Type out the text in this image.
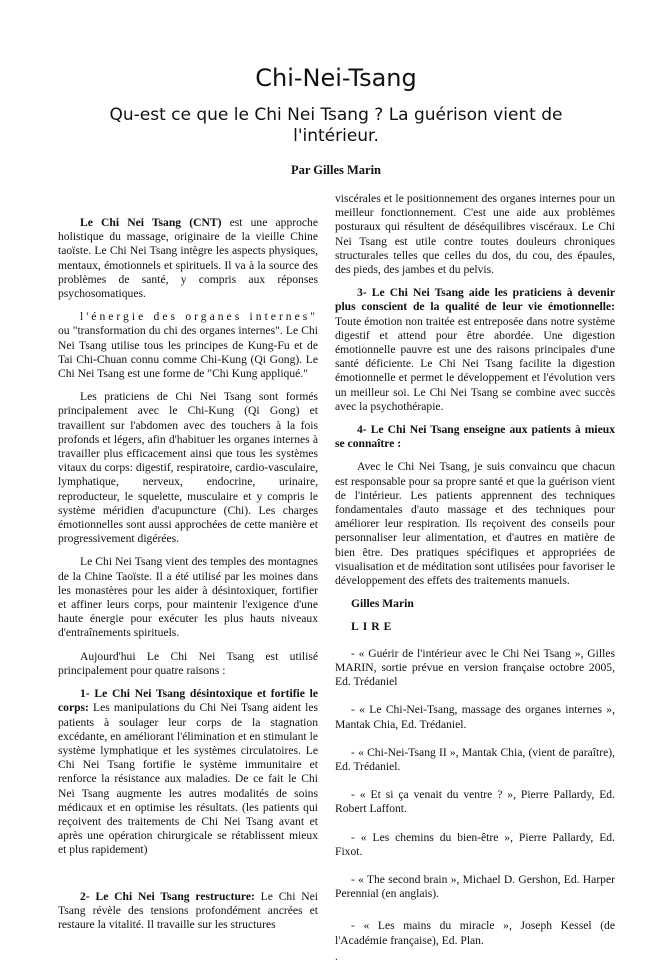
Chi-Nei-Tsang
Qu-est ce que le Chi Nei Tsang ? La guérison vient de l'intérieur.
Par Gilles Marin

Le Chi Nei Tsang (CNT) est une approche holistique du massage, originaire de la vieille Chine taoïste. Le Chi Nei Tsang intègre les aspects physiques, mentaux, émotionnels et spirituels. Il va à la source des problèmes de santé, y compris aux réponses psychosomatiques.

l'énergie des organes internes" ou "transformation du chi des organes internes". Le Chi Nei Tsang utilise tous les principes de Kung-Fu et de Tai Chi-Chuan connu comme Chi-Kung (Qi Gong). Le Chi Nei Tsang est une forme de "Chi Kung appliqué."

Les praticiens de Chi Nei Tsang sont formés principalement avec le Chi-Kung (Qi Gong) et travaillent sur l'abdomen avec des touchers à la fois profonds et légers, afin d'habituer les organes internes à travailler plus efficacement ainsi que tous les systèmes vitaux du corps: digestif, respiratoire, cardio-vasculaire, lymphatique, nerveux, endocrine, urinaire, reproducteur, le squelette, musculaire et y compris le système méridien d'acupuncture (Chi). Les charges émotionnelles sont aussi approchées de cette manière et progressivement digérées.

Le Chi Nei Tsang vient des temples des montagnes de la Chine Taoïste. Il a été utilisé par les moines dans les monastères pour les aider à désintoxiquer, fortifier et affiner leurs corps, pour maintenir l'exigence d'une haute énergie pour exécuter les plus hauts niveaux d'entraînements spirituels.

Aujourd'hui Le Chi Nei Tsang est utilisé principalement pour quatre raisons :

1- Le Chi Nei Tsang désintoxique et fortifie le corps: Les manipulations du Chi Nei Tsang aident les patients à soulager leur corps de la stagnation excédante, en améliorant l'élimination et en stimulant le système lymphatique et les systèmes circulatoires. Le Chi Nei Tsang fortifie le système immunitaire et renforce la résistance aux maladies. De ce fait le Chi Nei Tsang augmente les autres modalités de soins médicaux et en optimise les résultats. (les patients qui reçoivent des traitements de Chi Nei Tsang avant et après une opération chirurgicale se rétablissent mieux et plus rapidement)

2- Le Chi Nei Tsang restructure: Le Chi Nei Tsang révèle des tensions profondément ancrées et restaure la vitalité. Il travaille sur les structures

viscérales et le positionnement des organes internes pour un meilleur fonctionnement. C'est une aide aux problèmes posturaux qui résultent de déséquilibres viscéraux. Le Chi Nei Tsang est utile contre toutes douleurs chroniques structurales telles que celles du dos, du cou, des épaules, des pieds, des jambes et du pelvis.

3- Le Chi Nei Tsang aide les praticiens à devenir plus conscient de la qualité de leur vie émotionnelle: Toute émotion non traitée est entreposée dans notre système digestif et attend pour être abordée. Une digestion émotionnelle pauvre est une des raisons principales d'une santé déficiente. Le Chi Nei Tsang facilite la digestion émotionnelle et permet le développement et l'évolution vers un meilleur soi. Le Chi Nei Tsang se combine avec succès avec la psychothérapie.

4- Le Chi Nei Tsang enseigne aux patients à mieux se connaître :

Avec le Chi Nei Tsang, je suis convaincu que chacun est responsable pour sa propre santé et que la guérison vient de l'intérieur. Les patients apprennent des techniques fondamentales d'auto massage et des techniques pour améliorer leur respiration. Ils reçoivent des conseils pour personnaliser leur alimentation, et d'autres en matière de bien être. Des pratiques spécifiques et appropriées de visualisation et de méditation sont utilisées pour favoriser le développement des effets des traitements manuels.

Gilles Marin

LIRE

- « Guérir de l'intérieur avec le Chi Nei Tsang », Gilles MARIN, sortie prévue en version française octobre 2005, Ed. Trédaniel

- « Le Chi-Nei-Tsang, massage des organes internes », Mantak Chia, Ed. Trédaniel.

- « Chi-Nei-Tsang II », Mantak Chia, (vient de paraître), Ed. Trédaniel.

- « Et si ça venait du ventre ? », Pierre Pallardy, Ed. Robert Laffont.

- « Les chemins du bien-être », Pierre Pallardy, Ed. Fixot.

- « The second brain », Michael D. Gershon, Ed. Harper Perennial (en anglais).

- « Les mains du miracle », Joseph Kessel (de l'Académie française), Ed. Plan.

.
